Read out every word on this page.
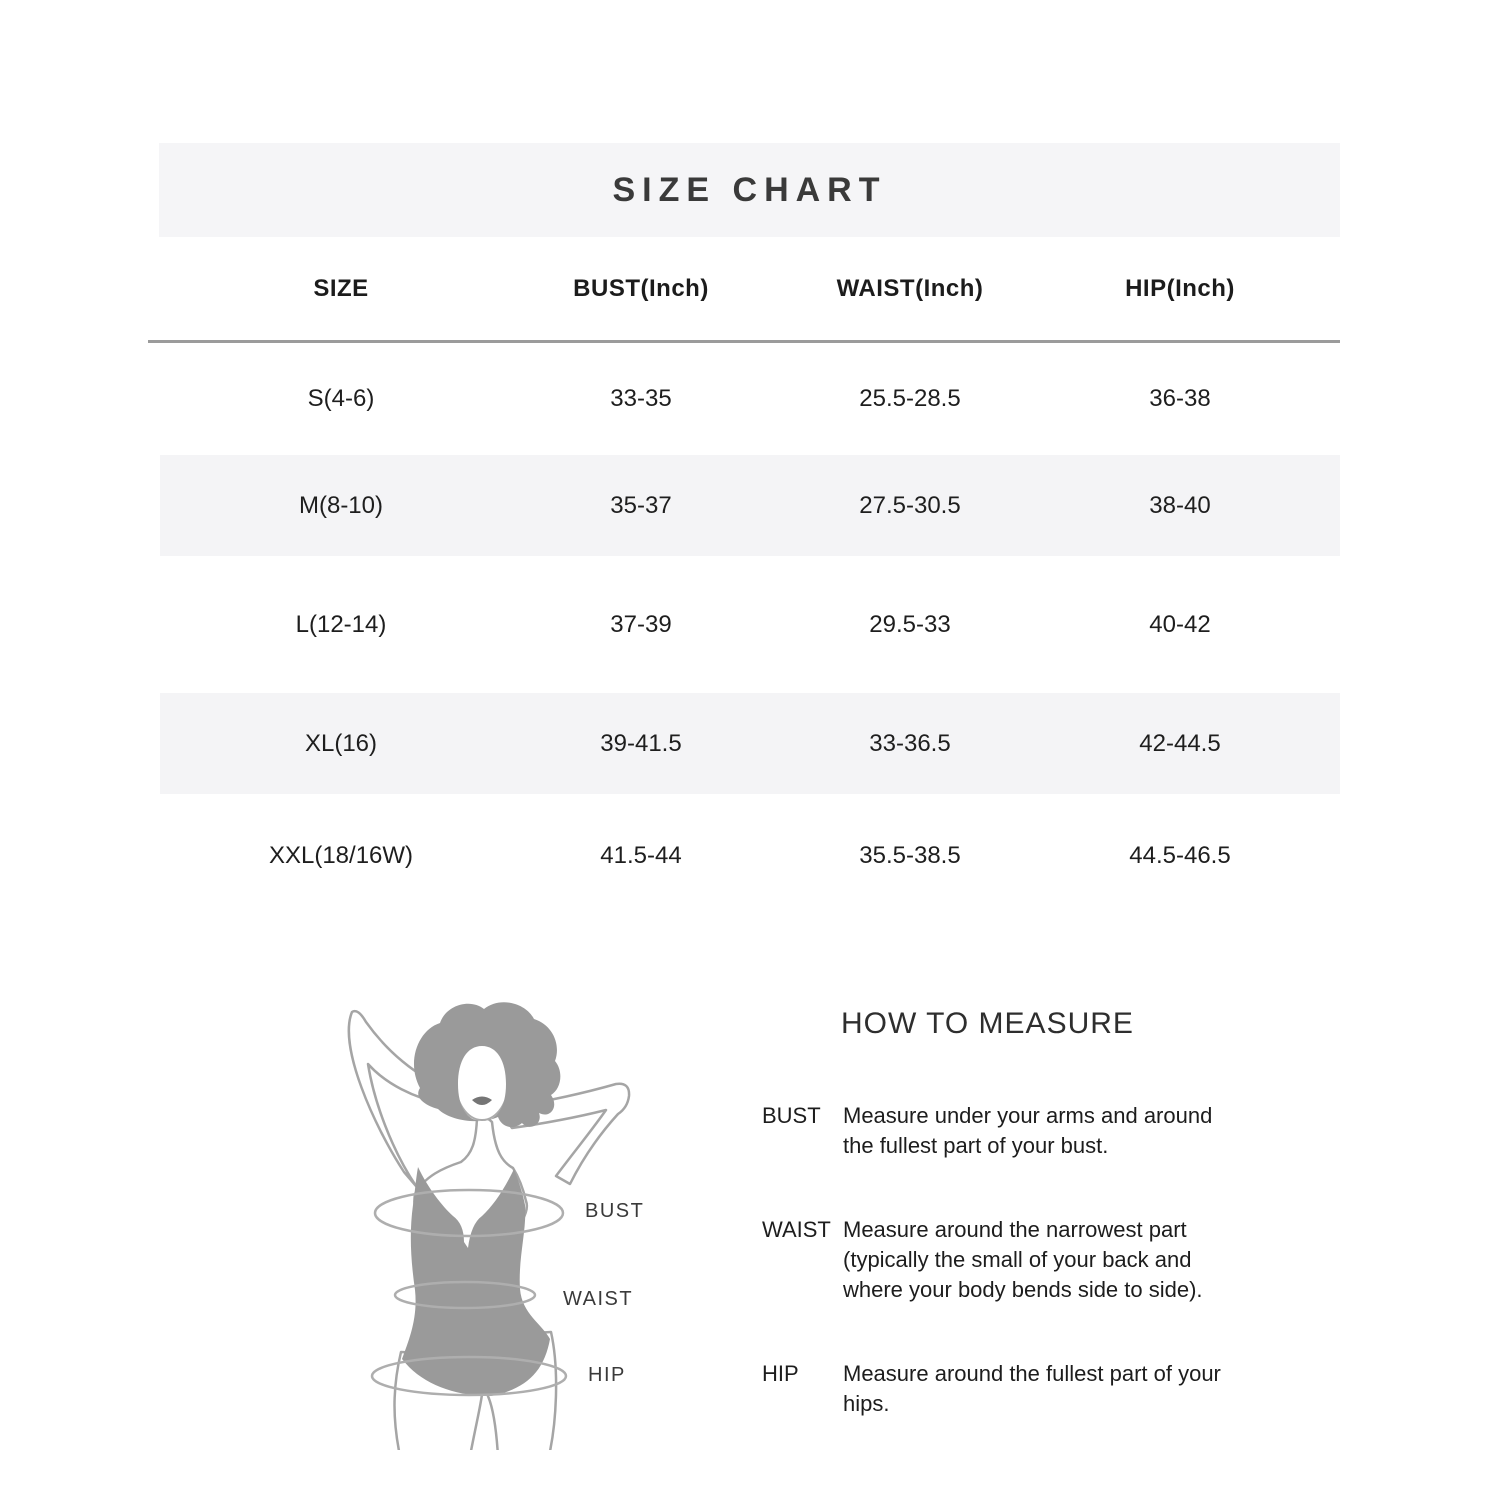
SIZE CHART
SIZE	BUST(Inch)	WAIST(Inch)	HIP(Inch)
S(4-6)	33-35	25.5-28.5	36-38
M(8-10)	35-37	27.5-30.5	38-40
L(12-14)	37-39	29.5-33	40-42
XL(16)	39-41.5	33-36.5	42-44.5
XXL(18/16W)	41.5-44	35.5-38.5	44.5-46.5
BUST
WAIST
HIP
HOW TO MEASURE
BUST	Measure under your arms and around the fullest part of your bust.
WAIST Measure around the narrowest part (typically the small of your back and where your body bends side to side).
HIP	Measure around the fullest part of your hips.
